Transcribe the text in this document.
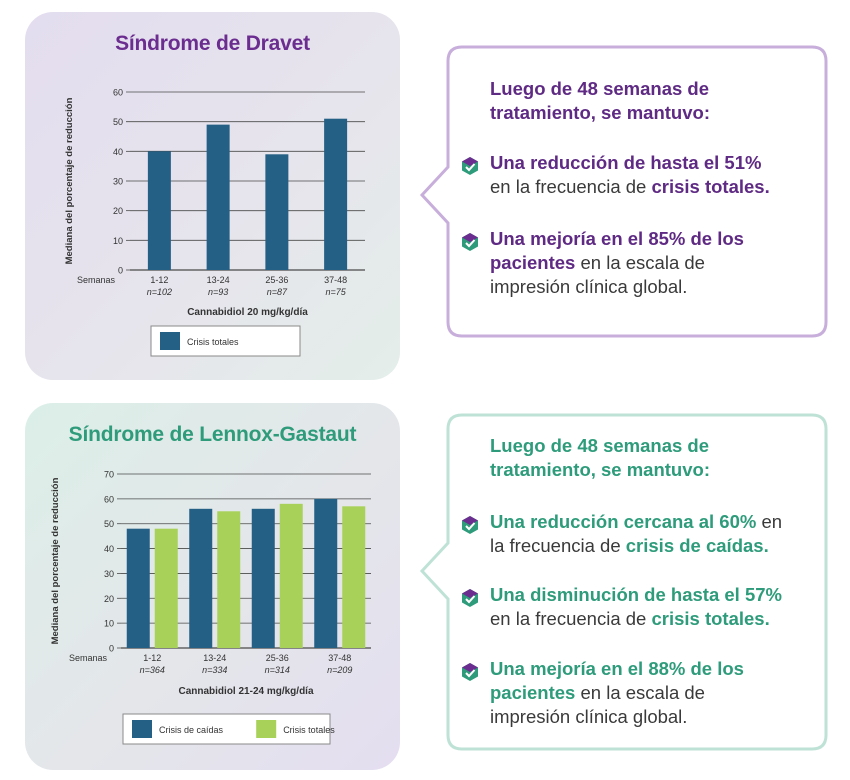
Síndrome de Dravet
0
10
20
30
40
50
60
Mediana del porcentaje de reducción
1-12
n=102
13-24
n=93
25-36
n=87
37-48
n=75
Semanas
Cannabidiol 20 mg/kg/día
Crisis totales
Síndrome de Lennox-Gastaut
0
10
20
30
40
50
60
70
Mediana del porcentaje de reducción
1-12
n=364
13-24
n=334
25-36
n=314
37-48
n=209
Semanas
Cannabidiol 21-24 mg/kg/día
Crisis de caídas	Crisis totales
Luego de 48 semanas de
tratamiento, se mantuvo:
Una reducción de hasta el 51%
en la frecuencia de crisis totales.
Una mejoría en el 85% de los
pacientes en la escala de
impresión clínica global.
Luego de 48 semanas de
tratamiento, se mantuvo:
Una reducción cercana al 60% en
la frecuencia de crisis de caídas.
Una disminución de hasta el 57%
en la frecuencia de crisis totales.
Una mejoría en el 88% de los
pacientes en la escala de
impresión clínica global.
